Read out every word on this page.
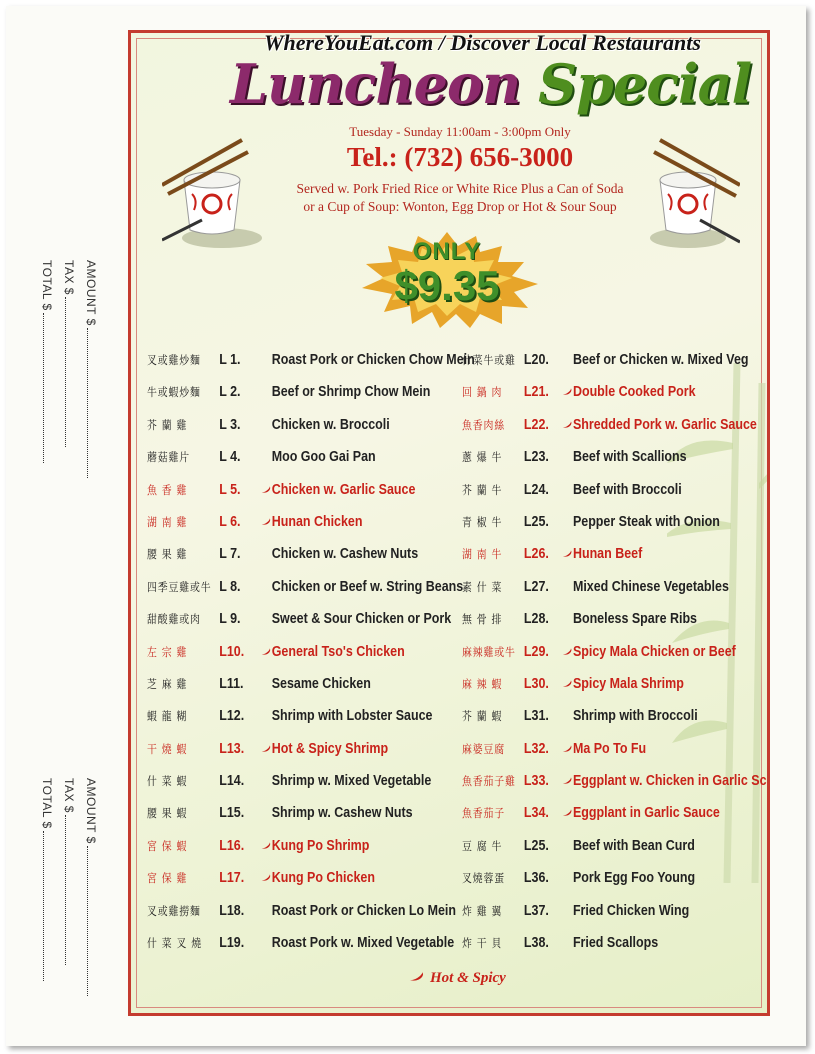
AMOUNT $
TAX $
TOTAL $
AMOUNT $
TAX $
TOTAL $
WhereYouEat.com / Discover Local Restaurants
Luncheon Special
Tuesday - Sunday 11:00am - 3:00pm Only
Tel.: (732) 656-3000
Served w. Pork Fried Rice or White Rice Plus a Can of Soda
or a Cup of Soup: Wonton, Egg Drop or Hot & Sour Soup
ONLY
$9.35
叉或雞炒麵 L 1. Roast Pork or Chicken Chow Mein
牛或蝦炒麵 L 2. Beef or Shrimp Chow Mein
芥 蘭 雞 L 3. Chicken w. Broccoli
蘑菇雞片 L 4. Moo Goo Gai Pan
魚 香 雞 L 5. Chicken w. Garlic Sauce
湖 南 雞 L 6. Hunan Chicken
腰 果 雞 L 7. Chicken w. Cashew Nuts
四季豆雞或牛 L 8. Chicken or Beef w. String Beans
甜酸雞或肉 L 9. Sweet & Sour Chicken or Pork
左 宗 雞 L10. General Tso's Chicken
芝 麻 雞 L11. Sesame Chicken
蝦 龍 糊 L12. Shrimp with Lobster Sauce
干 燒 蝦 L13. Hot & Spicy Shrimp
什 菜 蝦 L14. Shrimp w. Mixed Vegetable
腰 果 蝦 L15. Shrimp w. Cashew Nuts
宮 保 蝦 L16. Kung Po Shrimp
宮 保 雞 L17. Kung Po Chicken
叉或雞撈麵 L18. Roast Pork or Chicken Lo Mein
什 菜 叉 燒 L19. Roast Pork w. Mixed Vegetable
什菜牛或雞 L20. Beef or Chicken w. Mixed Veg
回 鍋 肉 L21. Double Cooked Pork
魚香肉絲 L22. Shredded Pork w. Garlic Sauce
蔥 爆 牛 L23. Beef with Scallions
芥 蘭 牛 L24. Beef with Broccoli
青 椒 牛 L25. Pepper Steak with Onion
湖 南 牛 L26. Hunan Beef
素 什 菜 L27. Mixed Chinese Vegetables
無 骨 排 L28. Boneless Spare Ribs
麻辣雞或牛 L29. Spicy Mala Chicken or Beef
麻 辣 蝦 L30. Spicy Mala Shrimp
芥 蘭 蝦 L31. Shrimp with Broccoli
麻婆豆腐 L32. Ma Po To Fu
魚香茄子雞 L33. Eggplant w. Chicken in Garlic Sc
魚香茄子 L34. Eggplant in Garlic Sauce
豆 腐 牛 L25. Beef with Bean Curd
叉燒蓉蛋 L36. Pork Egg Foo Young
炸 雞 翼 L37. Fried Chicken Wing
炸 干 貝 L38. Fried Scallops
Hot & Spicy
